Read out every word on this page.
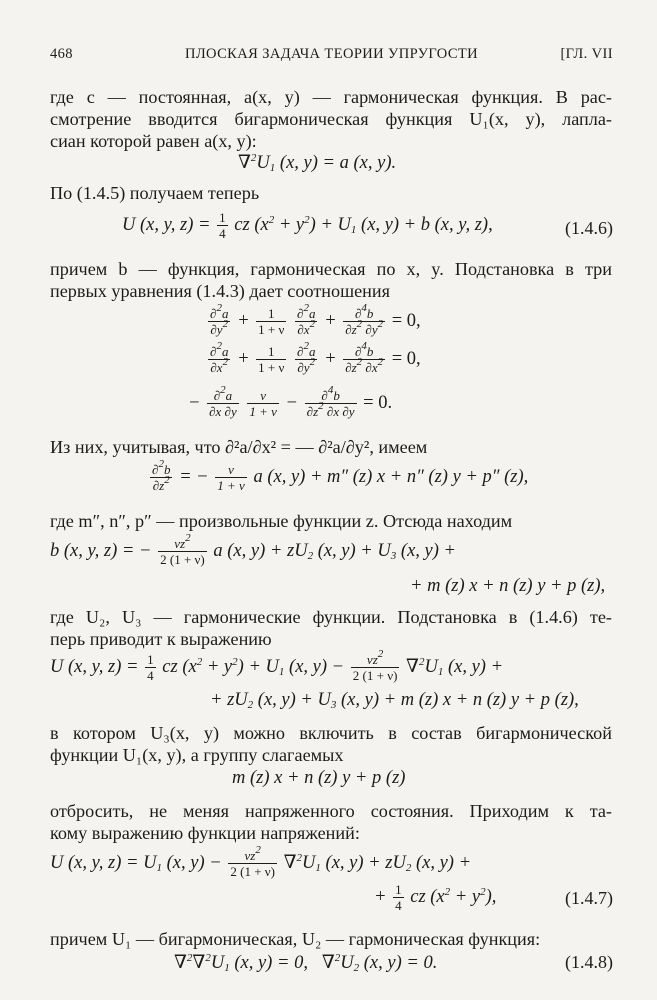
468	ПЛОСКАЯ ЗАДАЧА ТЕОРИИ УПРУГОСТИ	[ГЛ. VII
где c — постоянная, a(x, y) — гармоническая функция. В рас-
смотрение вводится бигармоническая функция U₁(x, y), лапла-
сиан которой равен a(x, y):
$\nabla^2U_1$ (x, y) = a (x, y).
По (1.4.5) получаем теперь
U (x, y, $z) = \frac{1}{4}$ cz $(x^2 + y^2) + U_1$ (x, y) + b (x, y, z),	(1.4.6)
причем b — функция, гармоническая по x, y. Подстановка в три
первых уравнения (1.4.3) дает соотношения
$\frac{\partial^2a}{\partial y^2} + \frac{1}{1 + \nu}$
$\frac{\partial^2a}{\partial x^2} + \frac{\partial^4b}{\partial z^2 \partial y^2} = 0$,
$\frac{\partial^2a}{\partial x^2} + \frac{1}{1 + \nu}$
$\frac{\partial^2a}{\partial y^2} + \frac{\partial^4b}{\partial z^2 \partial x^2} = 0$,
− $\frac{\partial^2a}{\partial x \partial y}$
$\frac{\nu}{1 + \nu} - \frac{\partial^4b}{\partial z^2 \partial x \partial y} = 0$.
Из них, учитывая, что ∂²a/∂x² = — ∂²a/∂y², имеем
$\frac{\partial^2b}{\partial z^2}$ = − $\frac{\nu}{1 + \nu}$ a (x, y) + m″ (z) x + n″ (z) y + p″ (z),
где m″, n″, p″ — произвольные функции z. Отсюда находим
b (x, y, z) = − $\frac{\nu z^2}{2 (1 + \nu)}$ a (x, $y) + zU_2$ (x, $y) + U_3$ (x, y) +
+ m (z) x + n (z) y + p (z),
где U₂, U₃ — гармонические функции. Подстановка в (1.4.6) те-
перь приводит к выражению
U (x, y, $z) = \frac{1}{4}$ cz $(x^2 + y^2) + U_1$ (x, $y) - \frac{\nu z^2}{2 (1 + \nu)} \nabla^2U_1$ (x, y) +
+ $zU_2$ (x, $y) + U_3$ (x, y) + m (z) x + n (z) y + p (z),
в котором U₃(x, y) можно включить в состав бигармонической
функции U₁(x, y), а группу слагаемых
m (z) x + n (z) y + p (z)
отбросить, не меняя напряженного состояния. Приходим к та-
кому выражению функции напряжений:
U (x, y, $z) = U_1$ (x, $y) - \frac{\nu z^2}{2 (1 + \nu)} \nabla^2U_1$ (x, $y) + zU_2$ (x, y) +
+ $\frac{1}{4}$ cz $(x^2 + y^2)$,	(1.4.7)
причем U₁ — бигармоническая, U₂ — гармоническая функция:
$\nabla^2\nabla^2U_1$ (x, y) = 0,   $\nabla^2U_2$ (x, y) = 0.	(1.4.8)
